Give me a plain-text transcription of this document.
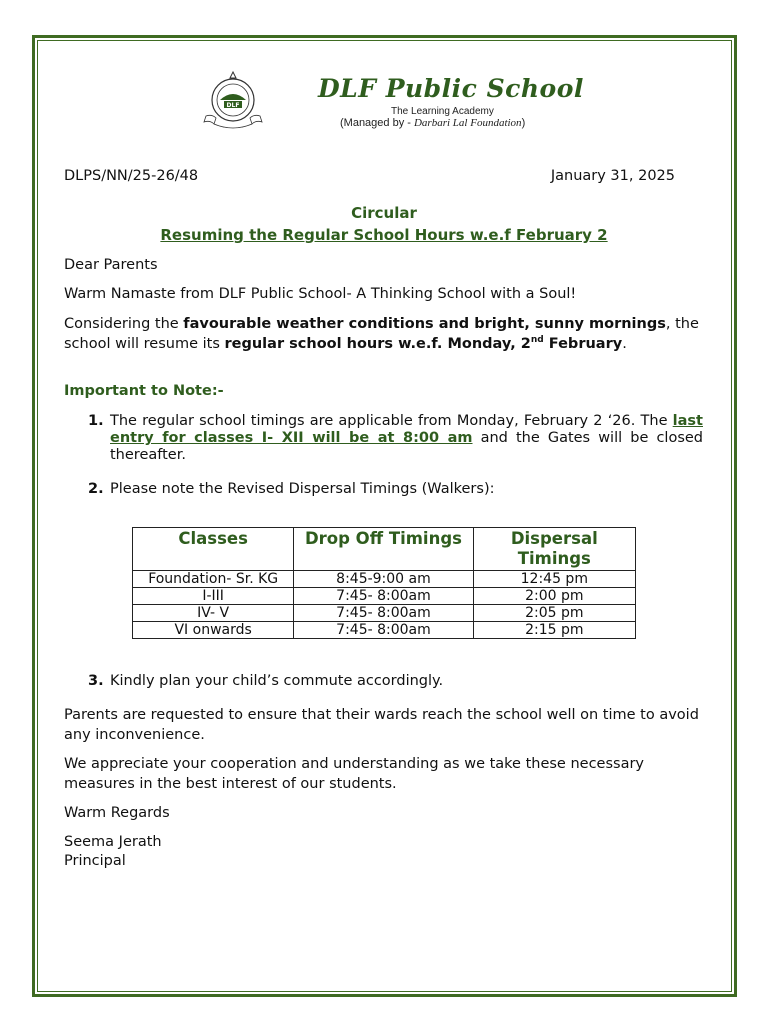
DLF
DLF Public School
The Learning Academy
(Managed by - Darbari Lal Foundation)
DLPS/NN/25-26/48	January 31, 2025
Circular
Resuming the Regular School Hours w.e.f February 2

Dear Parents

Warm Namaste from DLF Public School- A Thinking School with a Soul!

Considering the favourable weather conditions and bright, sunny mornings, the school will resume its regular school hours w.e.f. Monday, 2nd February.

Important to Note:-
1. The regular school timings are applicable from Monday, February 2 ‘26. The last entry for classes I- XII will be at 8:00 am and the Gates will be closed thereafter.
2. Please note the Revised Dispersal Timings (Walkers):
Classes	Drop Off Timings	Dispersal Timings
Foundation- Sr. KG	8:45-9:00 am	12:45 pm
I-III	7:45- 8:00am	2:00 pm
IV- V	7:45- 8:00am	2:05 pm
VI onwards	7:45- 8:00am	2:15 pm
3. Kindly plan your child’s commute accordingly.

Parents are requested to ensure that their wards reach the school well on time to avoid any inconvenience.

We appreciate your cooperation and understanding as we take these necessary measures in the best interest of our students.

Warm Regards

Seema Jerath

Principal
